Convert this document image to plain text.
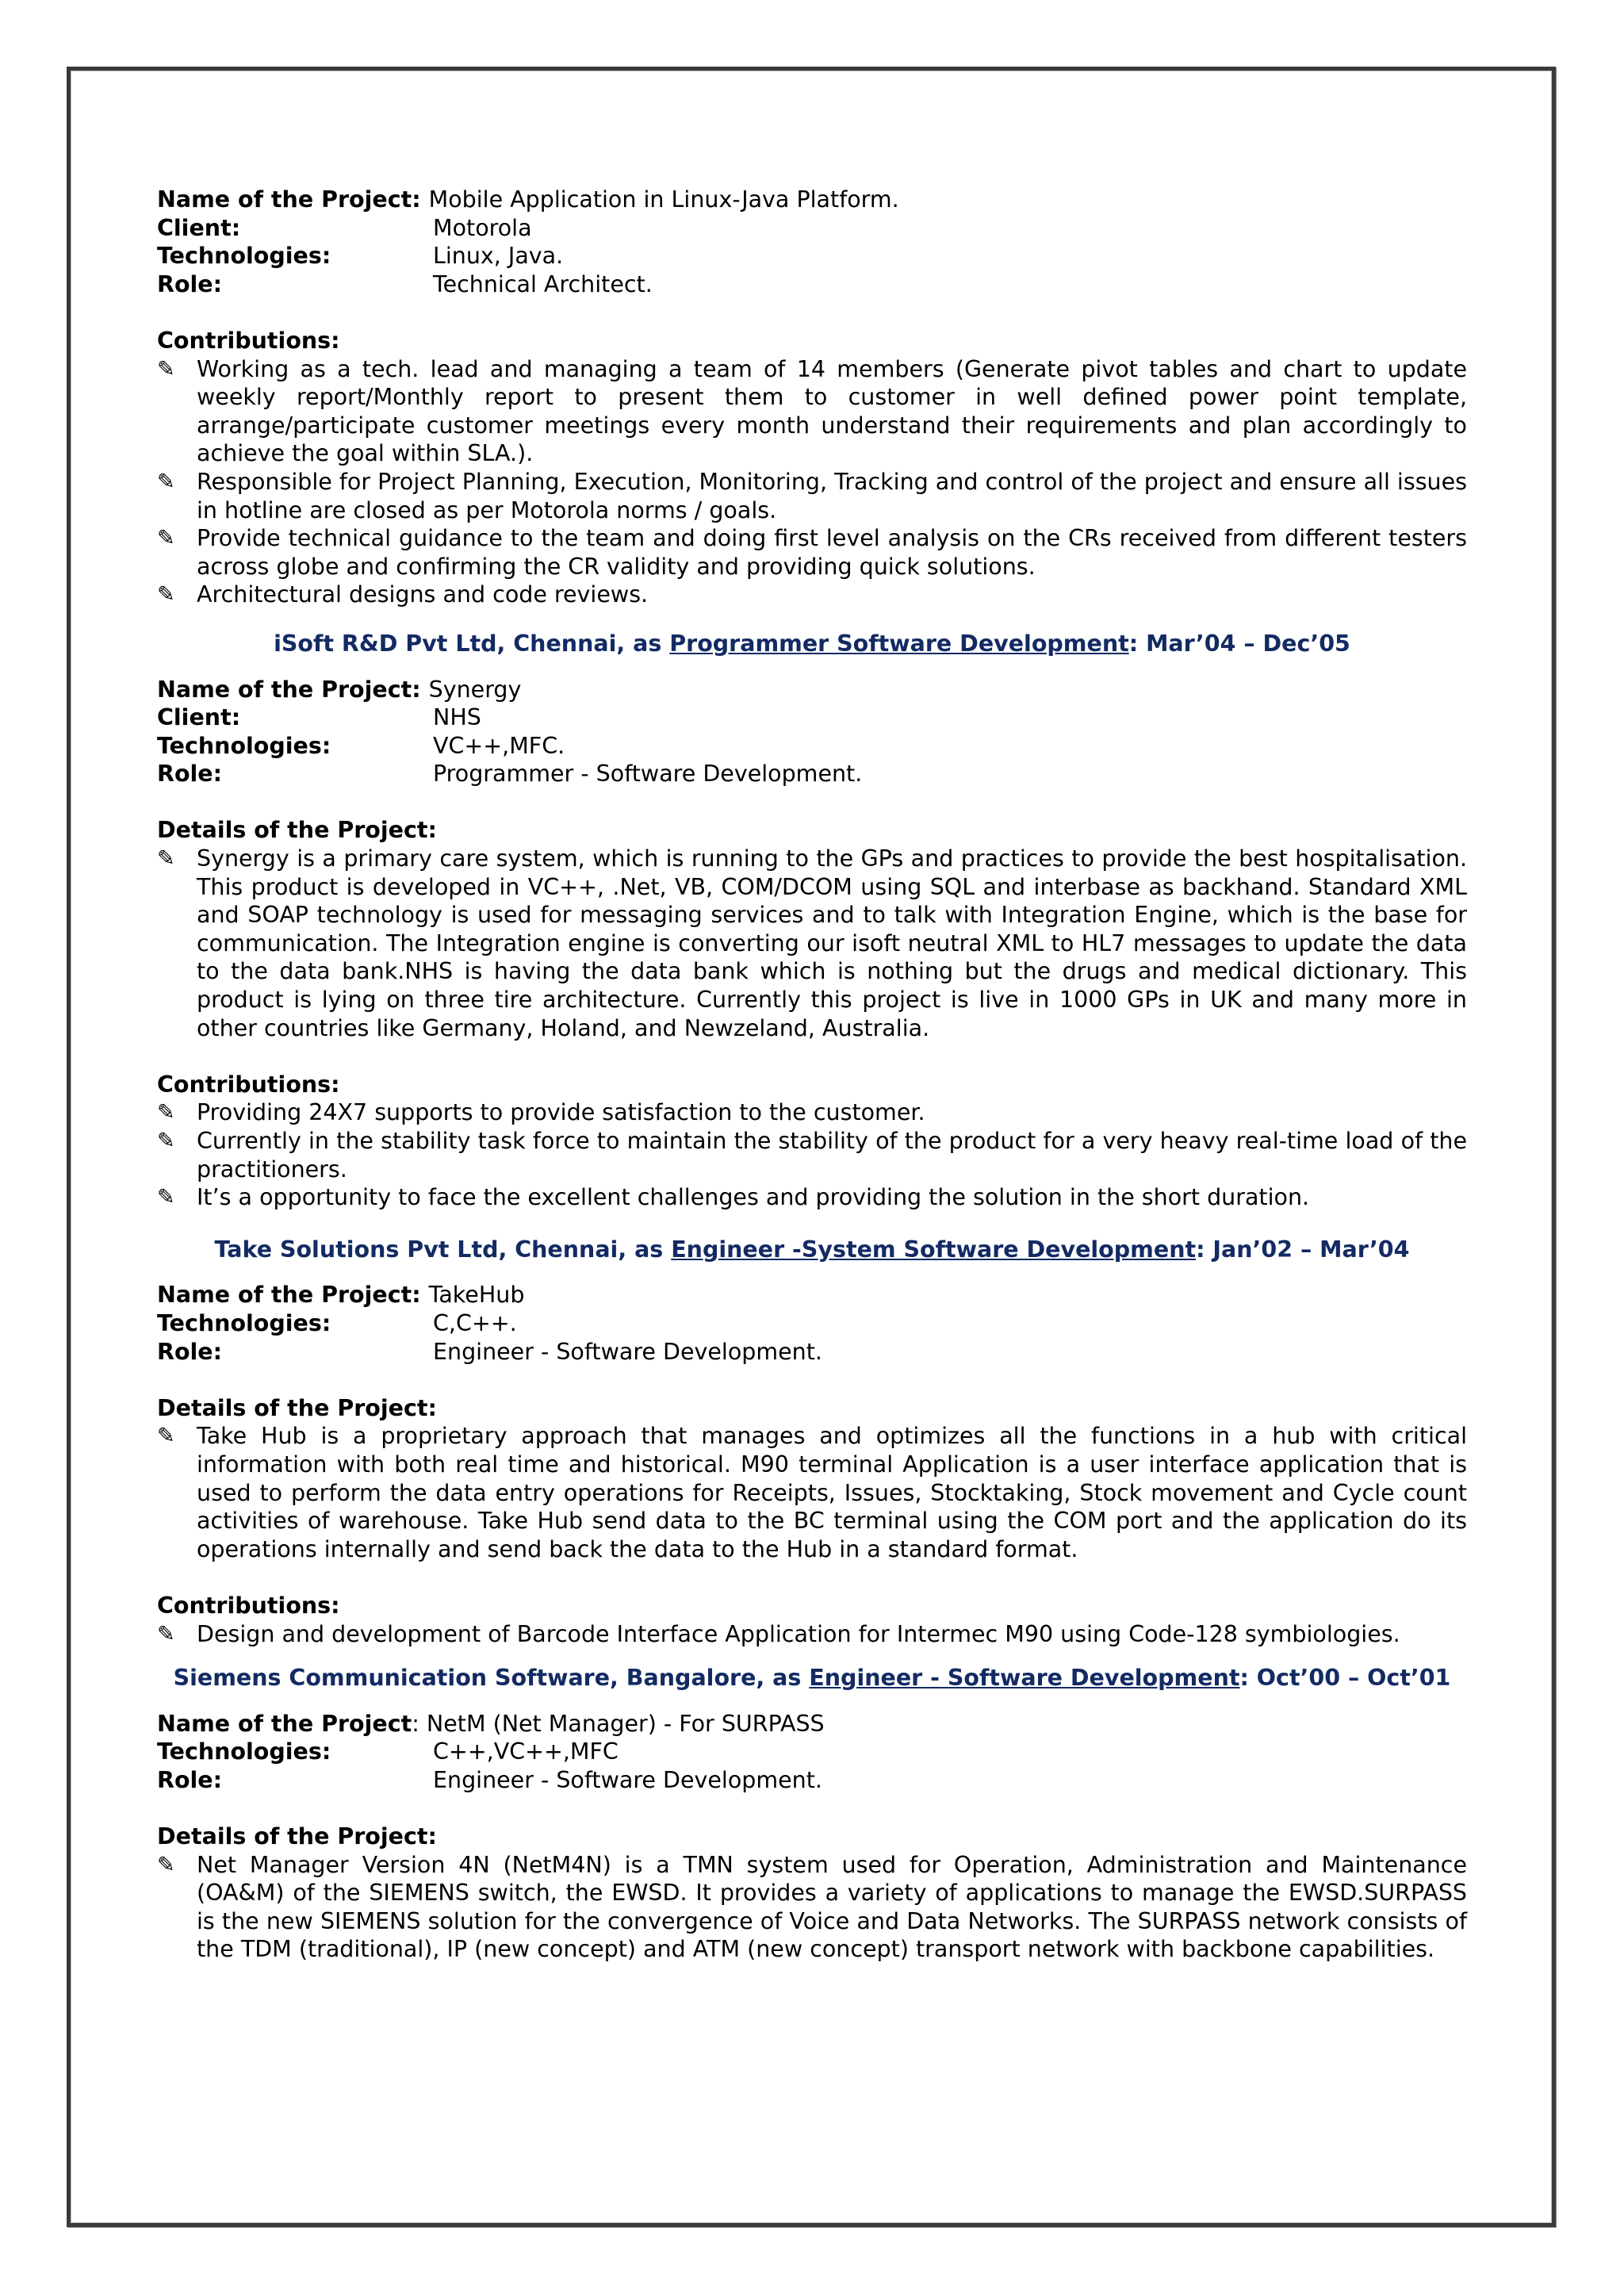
Name of the Project: Mobile Application in Linux-Java Platform.
Client:	Motorola
Technologies:	Linux, Java.
Role:	Technical Architect.
Contributions:
✎ Working as a tech. lead and managing a team of 14 members (Generate pivot tables and chart to update weekly report/Monthly report to present them to customer in well defined power point template, arrange/participate customer meetings every month understand their requirements and plan accordingly to achieve the goal within SLA.).
✎ Responsible for Project Planning, Execution, Monitoring, Tracking and control of the project and ensure all issues in hotline are closed as per Motorola norms / goals.
✎ Provide technical guidance to the team and doing first level analysis on the CRs received from different testers across globe and confirming the CR validity and providing quick solutions.
✎ Architectural designs and code reviews.
iSoft R&D Pvt Ltd, Chennai, as Programmer Software Development: Mar’04 – Dec’05
Name of the Project: Synergy
Client:	NHS
Technologies:	VC++,MFC.
Role:	Programmer - Software Development.
Details of the Project:
✎ Synergy is a primary care system, which is running to the GPs and practices to provide the best hospitalisation. This product is developed in VC++, .Net, VB, COM/DCOM using SQL and interbase as backhand. Standard XML and SOAP technology is used for messaging services and to talk with Integration Engine, which is the base for communication. The Integration engine is converting our isoft neutral XML to HL7 messages to update the data to the data bank.NHS is having the data bank which is nothing but the drugs and medical dictionary. This product is lying on three tire architecture. Currently this project is live in 1000 GPs in UK and many more in other countries like Germany, Holand, and Newzeland, Australia.
Contributions:
✎ Providing 24X7 supports to provide satisfaction to the customer.
✎ Currently in the stability task force to maintain the stability of the product for a very heavy real-time load of the practitioners.
✎ It’s a opportunity to face the excellent challenges and providing the solution in the short duration.
Take Solutions Pvt Ltd, Chennai, as Engineer -System Software Development: Jan’02 – Mar’04
Name of the Project: TakeHub
Technologies:	C,C++.
Role:	Engineer - Software Development.
Details of the Project:
✎ Take Hub is a proprietary approach that manages and optimizes all the functions in a hub with critical information with both real time and historical. M90 terminal Application is a user interface application that is used to perform the data entry operations for Receipts, Issues, Stocktaking, Stock movement and Cycle count activities of warehouse. Take Hub send data to the BC terminal using the COM port and the application do its operations internally and send back the data to the Hub in a standard format.
Contributions:
✎ Design and development of Barcode Interface Application for Intermec M90 using Code-128 symbiologies.
Siemens Communication Software, Bangalore, as Engineer - Software Development: Oct’00 – Oct’01
Name of the Project : NetM (Net Manager) - For SURPASS
Technologies:	C++,VC++,MFC
Role:	Engineer - Software Development.
Details of the Project:
✎ Net Manager Version 4N (NetM4N) is a TMN system used for Operation, Administration and Maintenance (OA&M) of the SIEMENS switch, the EWSD. It provides a variety of applications to manage the EWSD.SURPASS is the new SIEMENS solution for the convergence of Voice and Data Networks. The SURPASS network consists of the TDM (traditional), IP (new concept) and ATM (new concept) transport network with backbone capabilities.
